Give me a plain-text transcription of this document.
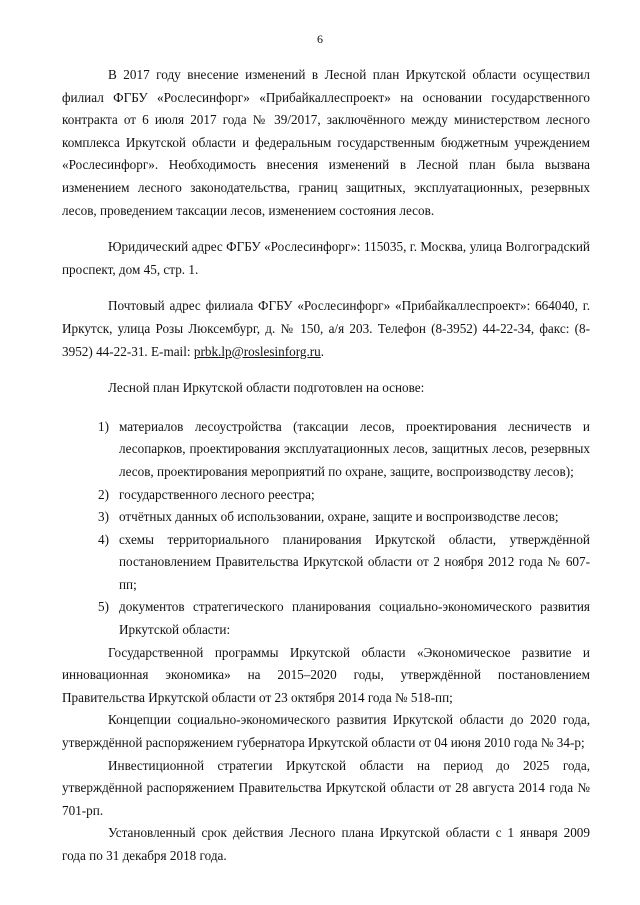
6

В 2017 году внесение изменений в Лесной план Иркутской области осуществил филиал ФГБУ «Рослесинфорг» «Прибайкаллеспроект» на основании государственного контракта от 6 июля 2017 года № 39/2017, заключённого между министерством лесного комплекса Иркутской области и федеральным государственным бюджетным учреждением «Рослесинфорг». Необходимость внесения изменений в Лесной план была вызвана изменением лесного законодательства, границ защитных, эксплуатационных, резервных лесов, проведением таксации лесов, изменением состояния лесов.

Юридический адрес ФГБУ «Рослесинфорг»: 115035, г. Москва, улица Волгоградский проспект, дом 45, стр. 1.

Почтовый адрес филиала ФГБУ «Рослесинфорг» «Прибайкаллеспроект»: 664040, г. Иркутск, улица Розы Люксембург, д. № 150, а/я 203. Телефон (8-3952) 44-22-34, факс: (8-3952) 44-22-31. E-mail: prbk.lp@roslesinforg.ru.

Лесной план Иркутской области подготовлен на основе:

1) материалов лесоустройства (таксации лесов, проектирования лесничеств и лесопарков, проектирования эксплуатационных лесов, защитных лесов, резервных лесов, проектирования мероприятий по охране, защите, воспроизводству лесов);
2) государственного лесного реестра;
3) отчётных данных об использовании, охране, защите и воспроизводстве лесов;
4) схемы территориального планирования Иркутской области, утверждённой постановлением Правительства Иркутской области от 2 ноября 2012 года № 607-пп;
5) документов стратегического планирования социально-экономического развития Иркутской области:

Государственной программы Иркутской области «Экономическое развитие и инновационная экономика» на 2015–2020 годы, утверждённой постановлением Правительства Иркутской области от 23 октября 2014 года № 518-пп;

Концепции социально-экономического развития Иркутской области до 2020 года, утверждённой распоряжением губернатора Иркутской области от 04 июня 2010 года № 34-р;

Инвестиционной стратегии Иркутской области на период до 2025 года, утверждённой распоряжением Правительства Иркутской области от 28 августа 2014 года № 701-рп.

Установленный срок действия Лесного плана Иркутской области с 1 января 2009 года по 31 декабря 2018 года.
